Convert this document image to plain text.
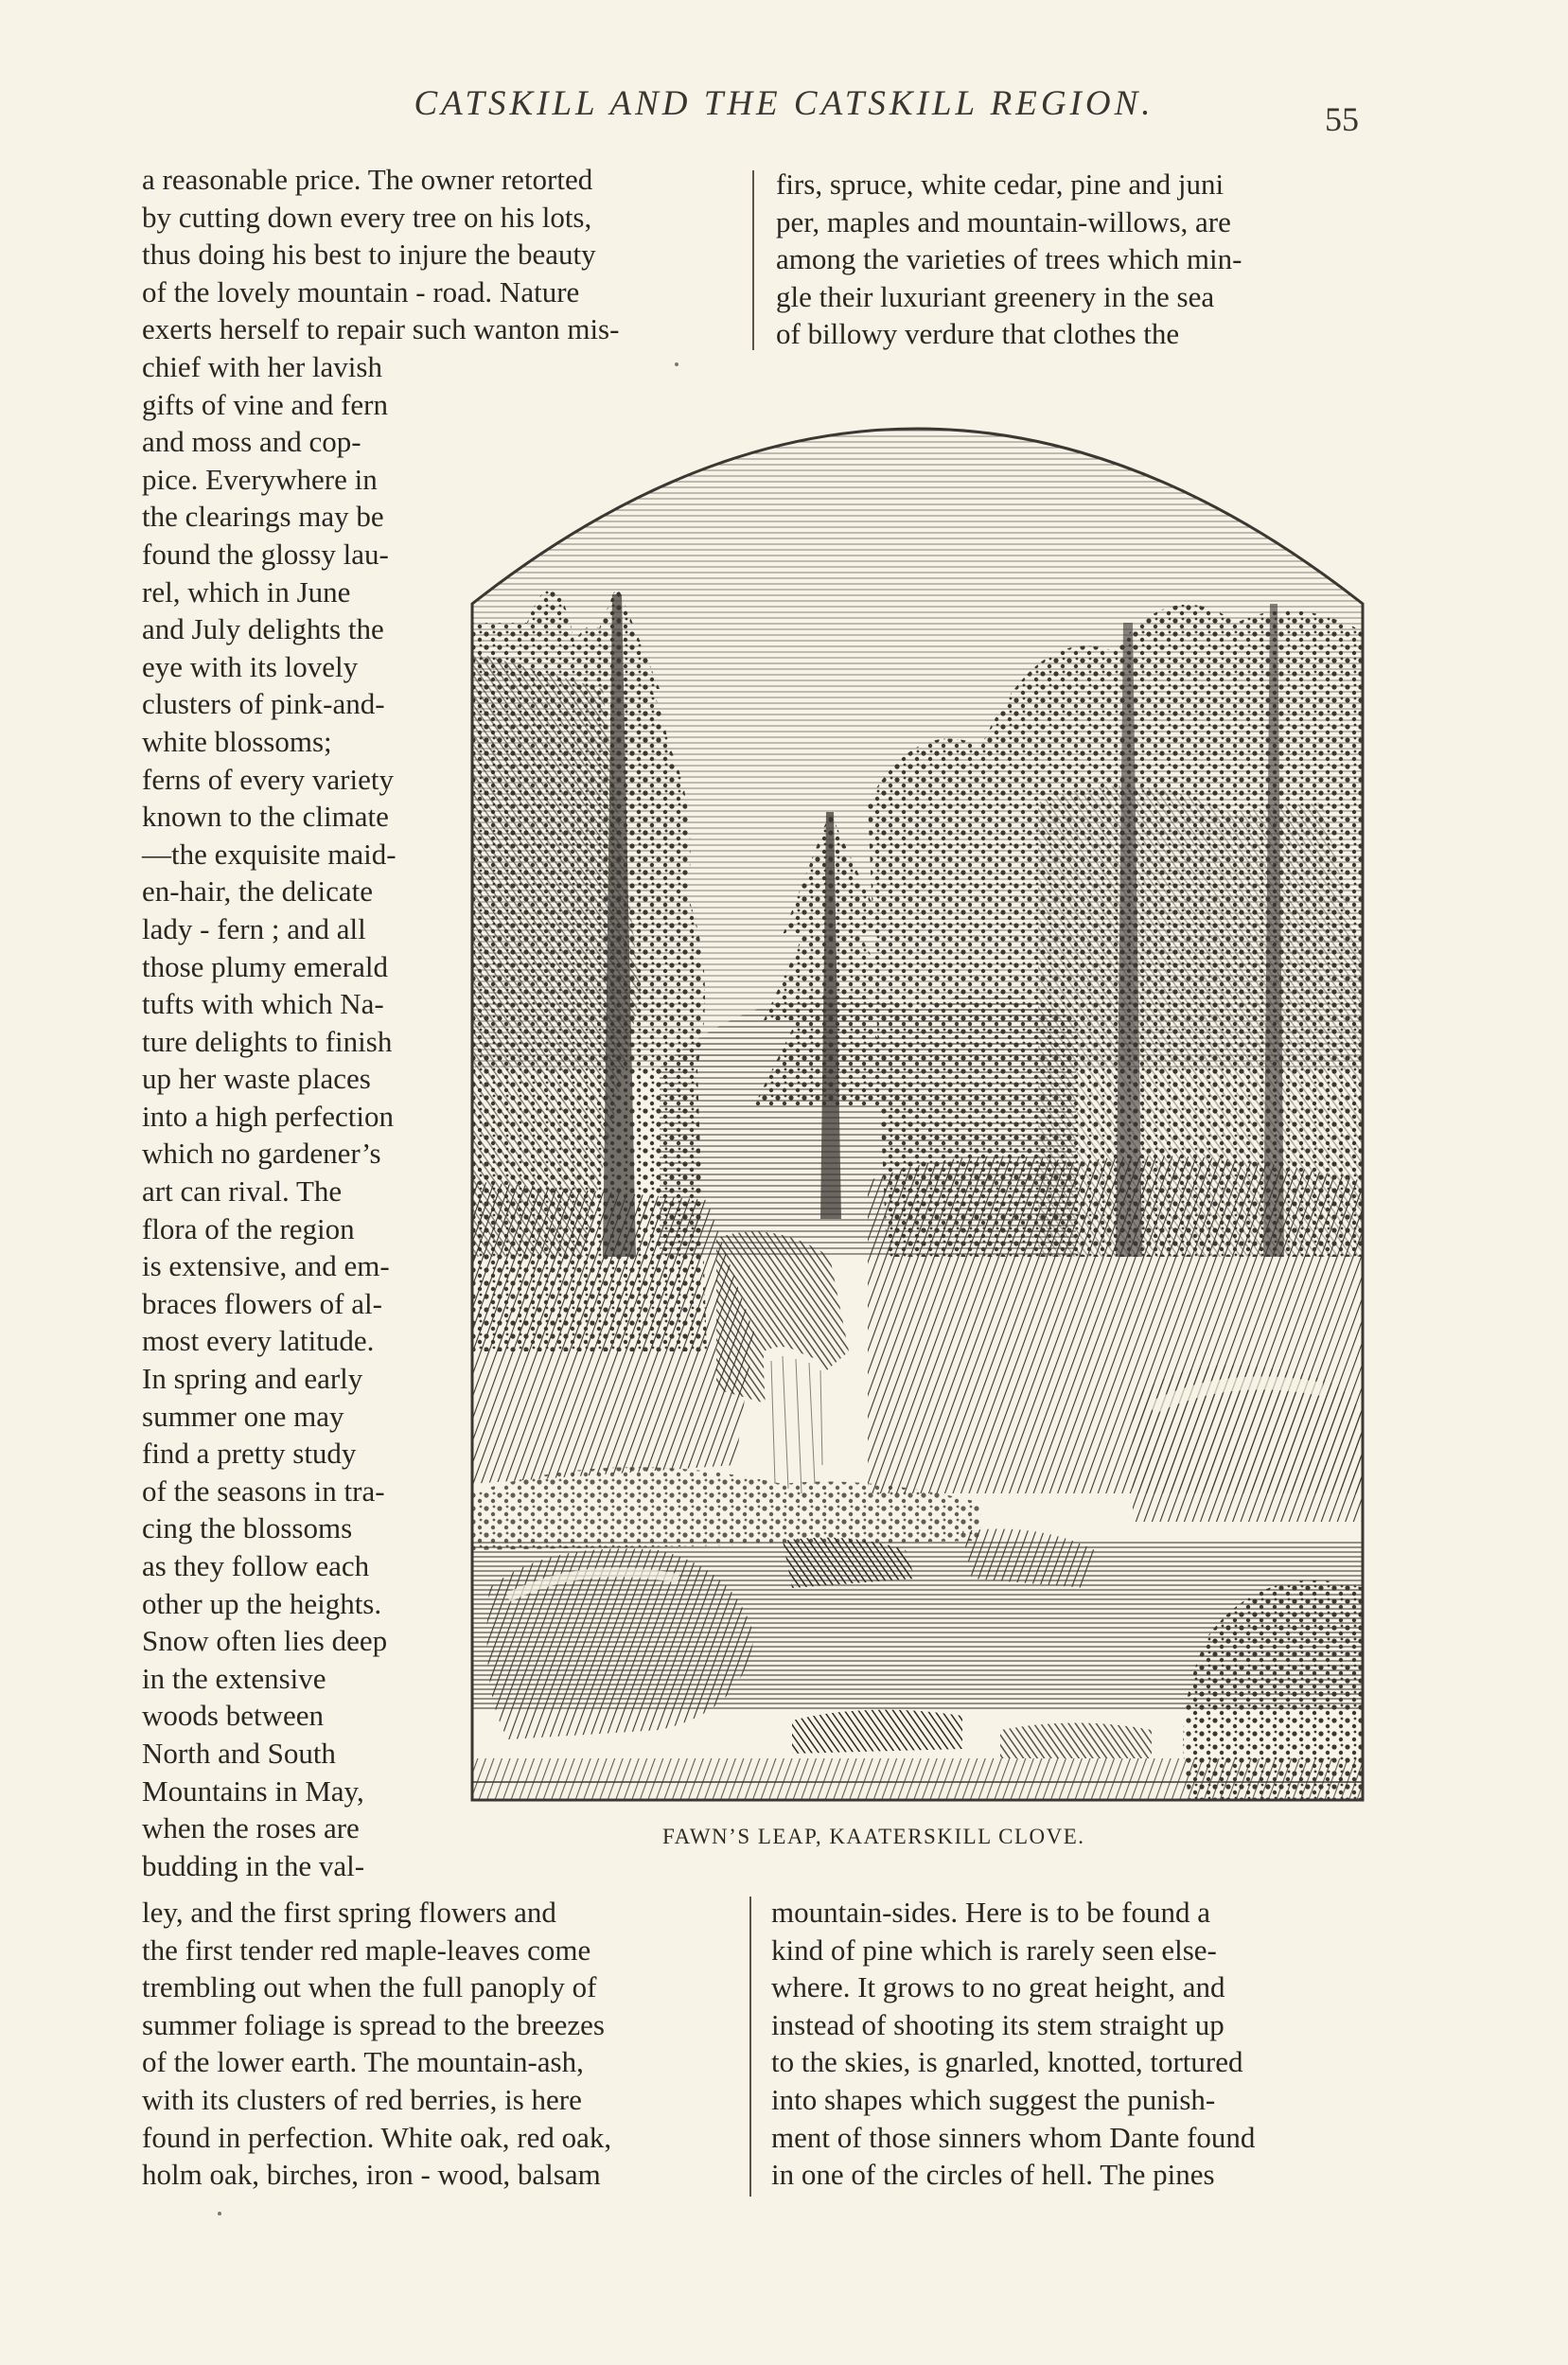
CATSKILL AND THE CATSKILL REGION.	55
a reasonable price. The owner retorted
by cutting down every tree on his lots,
thus doing his best to injure the beauty
of the lovely mountain - road. Nature
exerts herself to repair such wanton mis-
firs, spruce, white cedar, pine and juni
per, maples and mountain-willows, are
among the varieties of trees which min-
gle their luxuriant greenery in the sea
of billowy verdure that clothes the
chief with her lavish
gifts of vine and fern
and moss and cop-
pice. Everywhere in
the clearings may be
found the glossy lau-
rel, which in June
and July delights the
eye with its lovely
clusters of pink-and-
white blossoms;
ferns of every variety
known to the climate
—the exquisite maid-
en-hair, the delicate
lady - fern ; and all
those plumy emerald
tufts with which Na-
ture delights to finish
up her waste places
into a high perfection
which no gardener’s
art can rival. The
flora of the region
is extensive, and em-
braces flowers of al-
most every latitude.
In spring and early
summer one may
find a pretty study
of the seasons in tra-
cing the blossoms
as they follow each
other up the heights.
Snow often lies deep
in the extensive
woods between
North and South
Mountains in May,
when the roses are
budding in the val-
FAWN’S LEAP, KAATERSKILL CLOVE.
ley, and the first spring flowers and
the first tender red maple-leaves come
trembling out when the full panoply of
summer foliage is spread to the breezes
of the lower earth. The mountain-ash,
with its clusters of red berries, is here
found in perfection. White oak, red oak,
holm oak, birches, iron - wood, balsam
mountain-sides. Here is to be found a
kind of pine which is rarely seen else-
where. It grows to no great height, and
instead of shooting its stem straight up
to the skies, is gnarled, knotted, tortured
into shapes which suggest the punish-
ment of those sinners whom Dante found
in one of the circles of hell. The pines
